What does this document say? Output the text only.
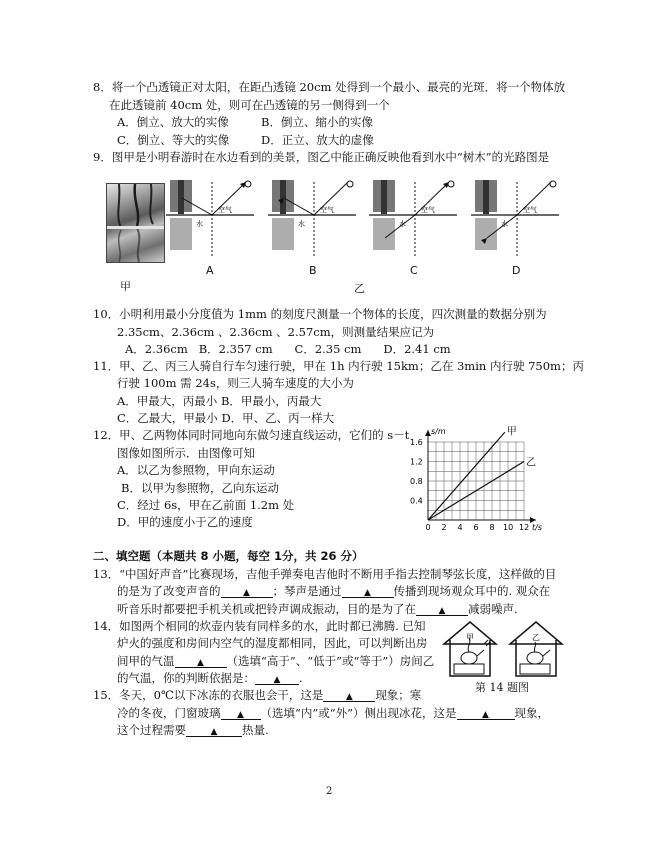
8．将一个凸透镜正对太阳，在距凸透镜 20cm 处得到一个最小、最亮的光斑．将一个物体放
在此透镜前 40cm 处，则可在凸透镜的另一侧得到一个
A．倒立、放大的实像	B．倒立、缩小的实像
C．倒立、等大的实像	D．正立、放大的虚像
9．图甲是小明春游时在水边看到的美景，图乙中能正确反映他看到水中“树木”的光路图是
甲
空气
水
空气
水
空气
水
空气
水
A	B	C	D
乙
10．小明利用最小分度值为 1mm 的刻度尺测量一个物体的长度，四次测量的数据分别为
2.35cm、2.36cm 、2.36cm 、2.57cm，则测量结果应记为
A．2.36cm   B．2.357 cm      C．2.35 cm      D．2.41 cm
11．甲、乙、丙三人骑自行车匀速行驶，甲在 1h 内行驶 15km；乙在 3min 内行驶 750m；丙
行驶 100m 需 24s，则三人骑车速度的大小为
A．甲最大，丙最小 B．甲最小，丙最大
C．乙最大，甲最小 D．甲、乙、丙一样大
12．甲、乙两物体同时同地向东做匀速直线运动，它们的 s－t
图像如图所示．由图像可知
A．以乙为参照物，甲向东运动
B．以甲为参照物，乙向东运动
C．经过 6s，甲在乙前面 1.2m 处
D．甲的速度小于乙的速度	0 2 4 6 8 10 12
0.4
0.8
1.2
1.6
t/s
s/m	甲
乙
二、填空题（本题共 8 小题，每空 1分，共 26 分）
13．“中国好声音”比赛现场，吉他手弹奏电吉他时不断用手指去控制琴弦长度，这样做的目
的是为了改变声音的	▲ ；琴声是通过	▲ 传播到现场观众耳中的. 观众在
听音乐时都要把手机关机或把铃声调成振动，目的是为了在	▲ 减弱噪声.
14．如图两个相同的炊壶内装有同样多的水，此时都已沸腾. 已知
炉火的强度和房间内空气的湿度都相同，因此，可以判断出房
间甲的气温	▲ （选填“高于”、“低于”或“等于”）房间乙
的气温，你的判断依据是： ▲ .
甲	乙
第 14 题图
15．冬天，0℃以下冰冻的衣服也会干，这是	▲ 现象；寒
冷的冬夜，门窗玻璃 ▲ （选填“内”或“外”）侧出现冰花，这是	▲ 现象，
这个过程需要	▲ 热量.
2
